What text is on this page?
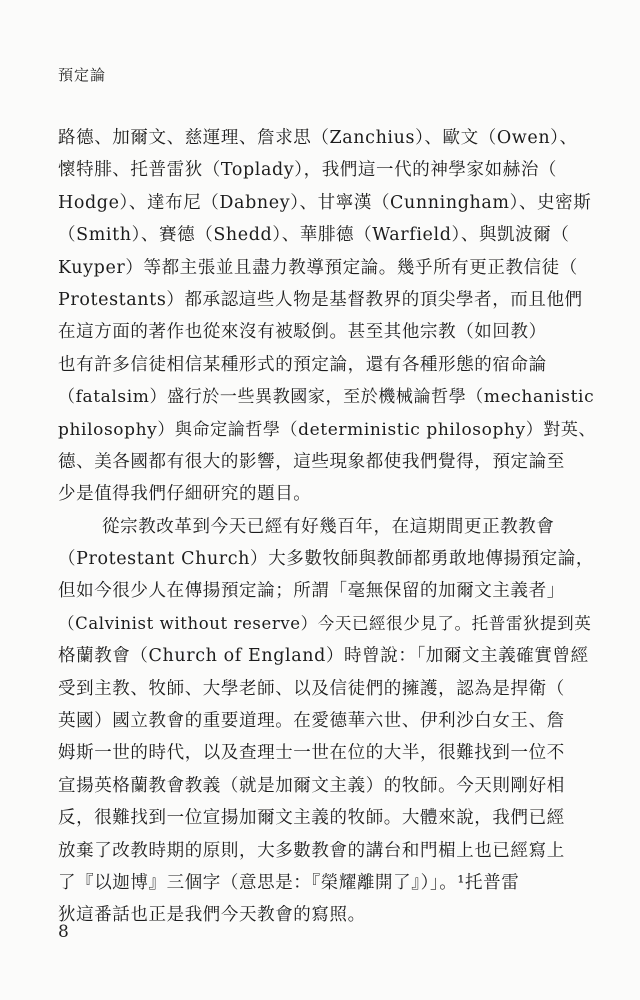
預定論
路德、加爾文、慈運理、詹求思（Zanchius）、歐文（Owen）、
懷特腓、托普雷狄（Toplady），我們這一代的神學家如赫治（
Hodge）、達布尼（Dabney）、甘寧漢（Cunningham）、史密斯
（Smith）、賽德（Shedd）、華腓德（Warfield）、與凱波爾（
Kuyper）等都主張並且盡力教導預定論。幾乎所有更正教信徒（
Protestants）都承認這些人物是基督教界的頂尖學者，而且他們
在這方面的著作也從來沒有被駁倒。甚至其他宗教（如回教）
也有許多信徒相信某種形式的預定論，還有各種形態的宿命論
（fatalsim）盛行於一些異教國家，至於機械論哲學（mechanistic
philosophy）與命定論哲學（deterministic philosophy）對英、
德、美各國都有很大的影響，這些現象都使我們覺得，預定論至
少是值得我們仔細研究的題目。
從宗教改革到今天已經有好幾百年，在這期間更正教教會
（Protestant Church）大多數牧師與教師都勇敢地傳揚預定論，
但如今很少人在傳揚預定論；所謂「毫無保留的加爾文主義者」
（Calvinist without reserve）今天已經很少見了。托普雷狄提到英
格蘭教會（Church of England）時曾說：「加爾文主義確實曾經
受到主教、牧師、大學老師、以及信徒們的擁護，認為是捍衛（
英國）國立教會的重要道理。在愛德華六世、伊利沙白女王、詹
姆斯一世的時代，以及查理士一世在位的大半，很難找到一位不
宣揚英格蘭教會教義（就是加爾文主義）的牧師。今天則剛好相
反，很難找到一位宣揚加爾文主義的牧師。大體來說，我們已經
放棄了改教時期的原則，大多數教會的講台和門楣上也已經寫上
了『以迦博』三個字（意思是：『榮耀離開了』）」。¹托普雷
狄這番話也正是我們今天教會的寫照。
8
